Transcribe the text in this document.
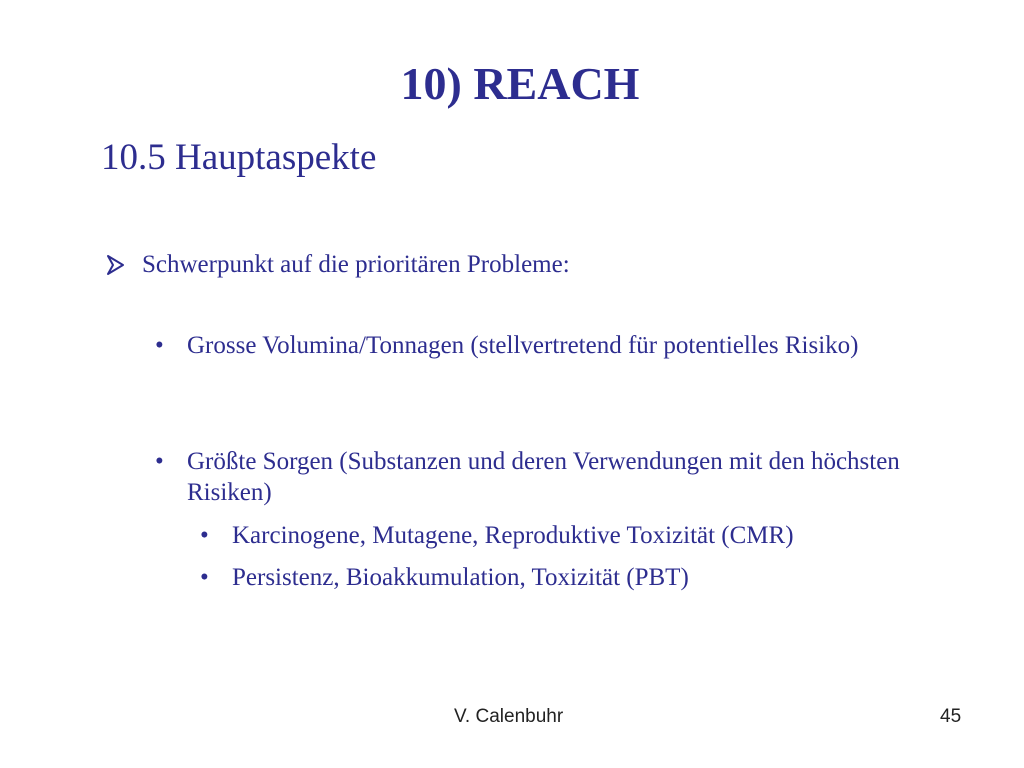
10) REACH
10.5 Hauptaspekte
Schwerpunkt auf die prioritären Probleme:
• Grosse Volumina/Tonnagen (stellvertretend für potentielles Risiko)
• Größte Sorgen (Substanzen und deren Verwendungen mit den höchsten Risiken)
• Karcinogene, Mutagene, Reproduktive Toxizität (CMR)
• Persistenz, Bioakkumulation, Toxizität (PBT)
V. Calenbuhr	45
